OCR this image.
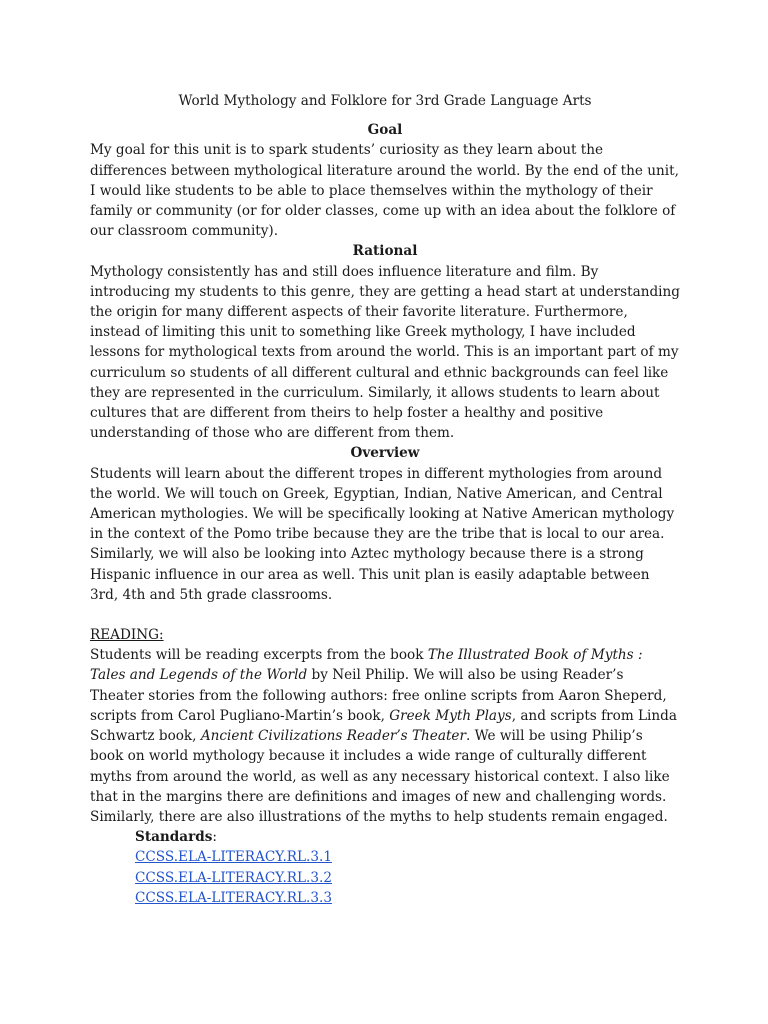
World Mythology and Folklore for 3rd Grade Language Arts
Goal

My goal for this unit is to spark students’ curiosity as they learn about the differences between mythological literature around the world. By the end of the unit, I would like students to be able to place themselves within the mythology of their family or community (or for older classes, come up with an idea about the folklore of our classroom community).

Rational

Mythology consistently has and still does influence literature and film. By introducing my students to this genre, they are getting a head start at understanding the origin for many different aspects of their favorite literature. Furthermore, instead of limiting this unit to something like Greek mythology, I have included lessons for mythological texts from around the world. This is an important part of my curriculum so students of all different cultural and ethnic backgrounds can feel like they are represented in the curriculum. Similarly, it allows students to learn about cultures that are different from theirs to help foster a healthy and positive understanding of those who are different from them.

Overview

Students will learn about the different tropes in different mythologies from around the world. We will touch on Greek, Egyptian, Indian, Native American, and Central American mythologies. We will be specifically looking at Native American mythology in the context of the Pomo tribe because they are the tribe that is local to our area. Similarly, we will also be looking into Aztec mythology because there is a strong Hispanic influence in our area as well. This unit plan is easily adaptable between 3rd, 4th and 5th grade classrooms.

READING:

Students will be reading excerpts from the book The Illustrated Book of Myths : Tales and Legends of the World by Neil Philip. We will also be using Reader’s Theater stories from the following authors: free online scripts from Aaron Sheperd, scripts from Carol Pugliano-Martin’s book, Greek Myth Plays, and scripts from Linda Schwartz book, Ancient Civilizations Reader’s Theater. We will be using Philip’s book on world mythology because it includes a wide range of culturally different myths from around the world, as well as any necessary historical context. I also like that in the margins there are definitions and images of new and challenging words. Similarly, there are also illustrations of the myths to help students remain engaged.

Standards:
CCSS.ELA-LITERACY.RL.3.1
CCSS.ELA-LITERACY.RL.3.2
CCSS.ELA-LITERACY.RL.3.3
